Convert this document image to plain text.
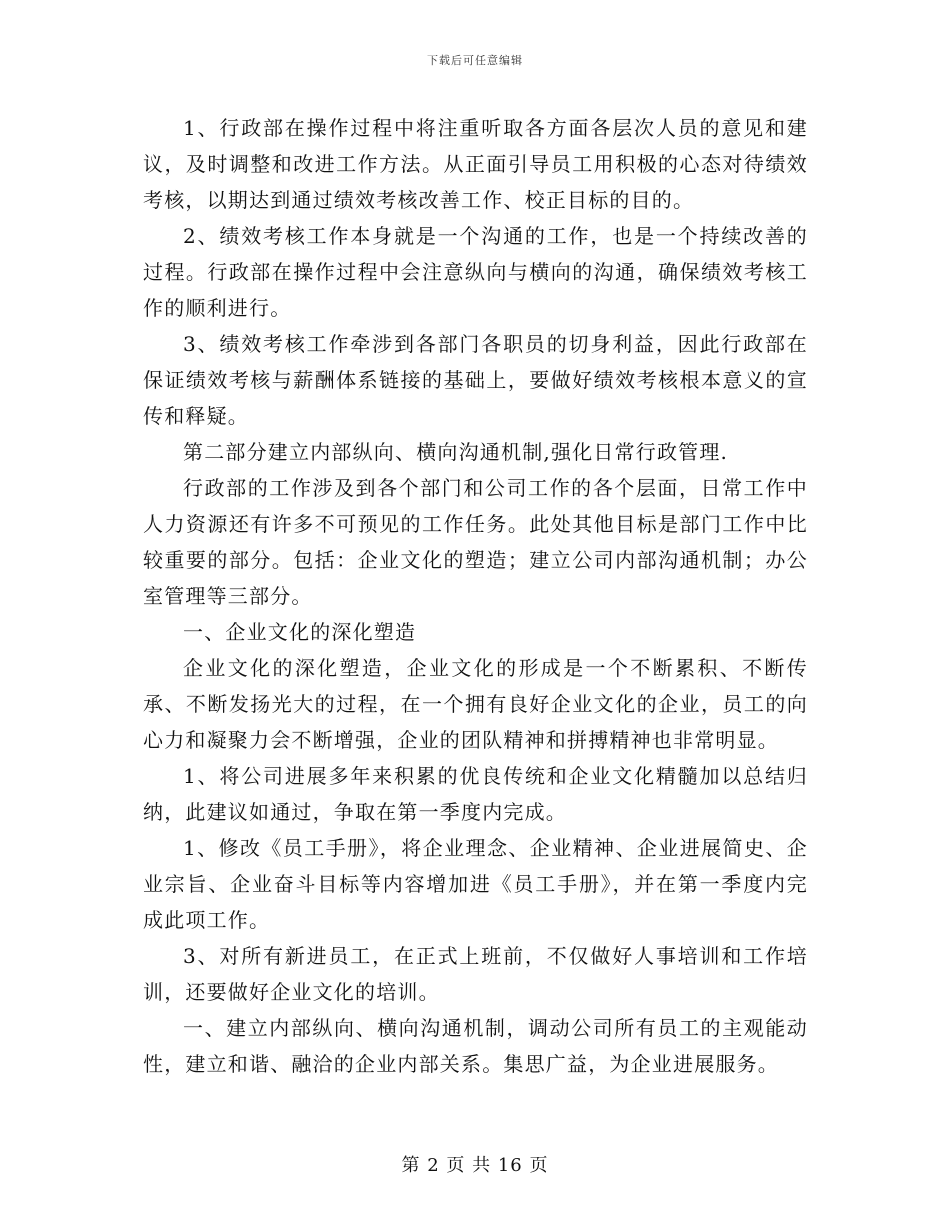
下载后可任意编辑

1、行政部在操作过程中将注重听取各方面各层次人员的意见和建议，及时调整和改进工作方法。从正面引导员工用积极的心态对待绩效考核，以期达到通过绩效考核改善工作、校正目标的目的。

2、绩效考核工作本身就是一个沟通的工作，也是一个持续改善的过程。行政部在操作过程中会注意纵向与横向的沟通，确保绩效考核工作的顺利进行。

3、绩效考核工作牵涉到各部门各职员的切身利益，因此行政部在保证绩效考核与薪酬体系链接的基础上，要做好绩效考核根本意义的宣传和释疑。

第二部分建立内部纵向、横向沟通机制,强化日常行政管理.

行政部的工作涉及到各个部门和公司工作的各个层面，日常工作中人力资源还有许多不可预见的工作任务。此处其他目标是部门工作中比较重要的部分。包括：企业文化的塑造；建立公司内部沟通机制；办公室管理等三部分。

一、企业文化的深化塑造

企业文化的深化塑造，企业文化的形成是一个不断累积、不断传承、不断发扬光大的过程，在一个拥有良好企业文化的企业，员工的向心力和凝聚力会不断增强，企业的团队精神和拼搏精神也非常明显。

1、将公司进展多年来积累的优良传统和企业文化精髓加以总结归纳，此建议如通过，争取在第一季度内完成。

1、修改《员工手册》，将企业理念、企业精神、企业进展简史、企业宗旨、企业奋斗目标等内容增加进《员工手册》，并在第一季度内完成此项工作。

3、对所有新进员工，在正式上班前，不仅做好人事培训和工作培训，还要做好企业文化的培训。

一、建立内部纵向、横向沟通机制，调动公司所有员工的主观能动性，建立和谐、融洽的企业内部关系。集思广益，为企业进展服务。

第 2 页 共 16 页
